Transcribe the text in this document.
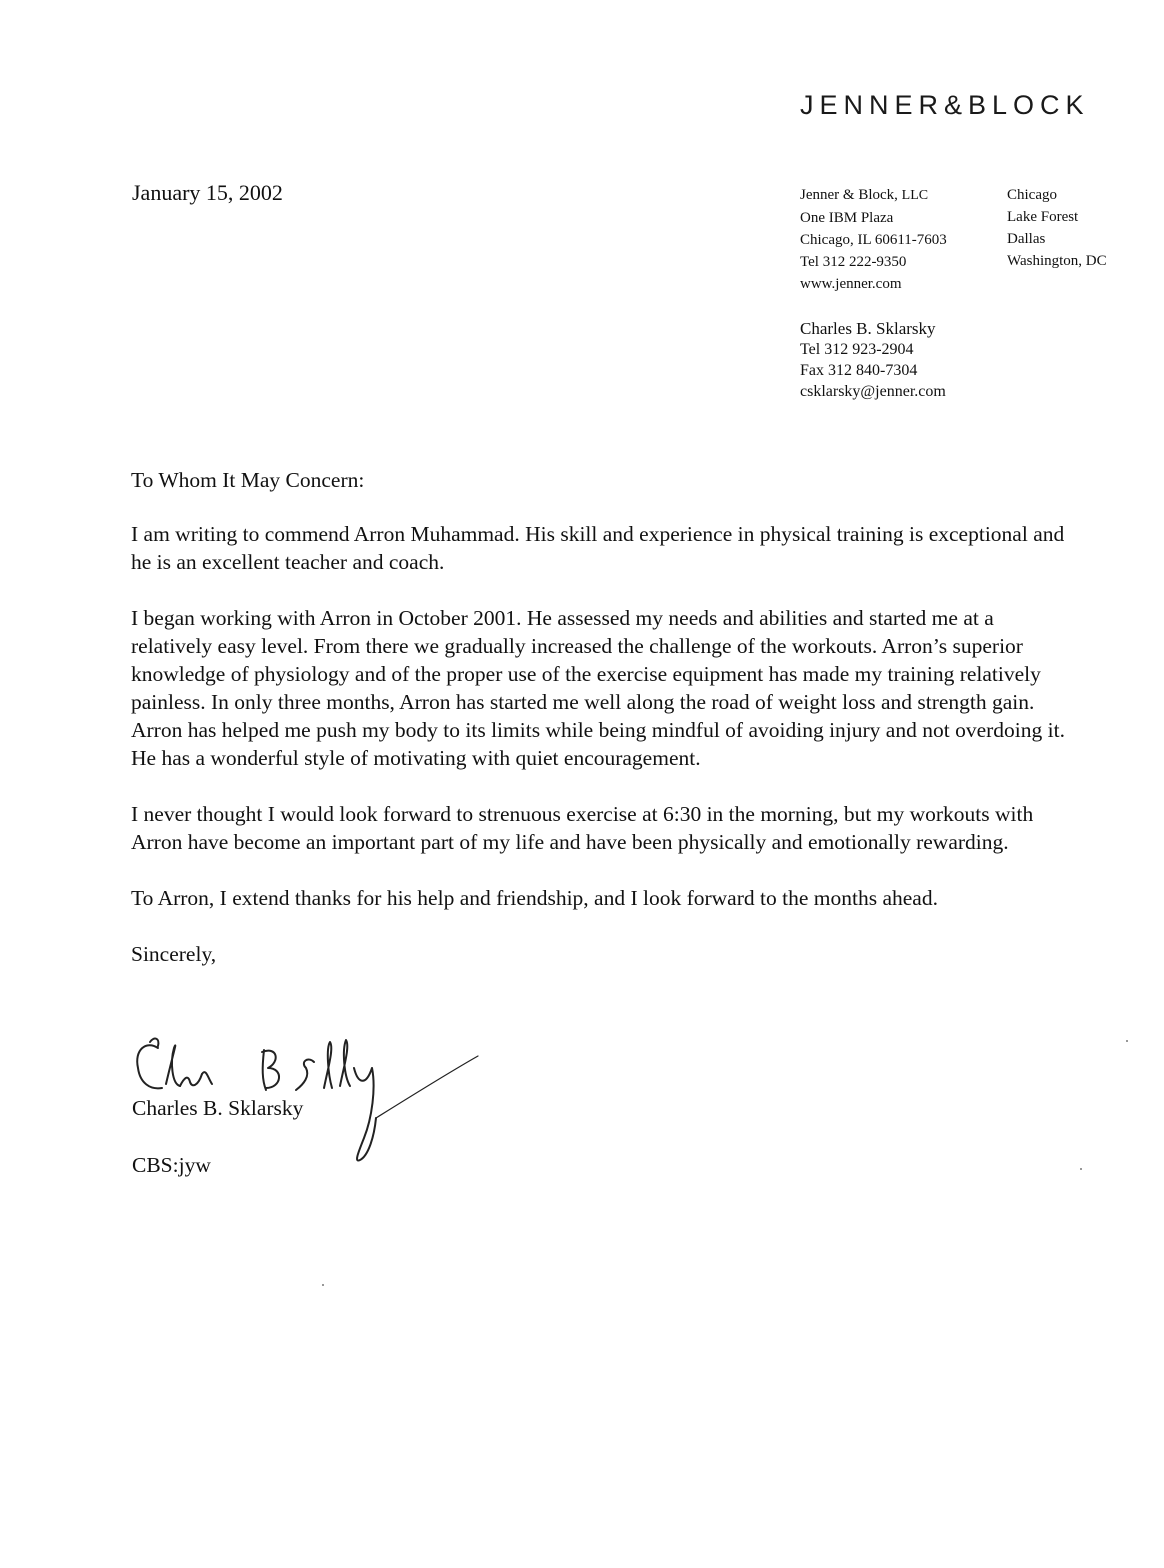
JENNER&BLOCK

January 15, 2002	Jenner & Block, LLC
One IBM Plaza
Chicago, IL 60611-7603
Tel 312 222-9350
www.jenner.com
Chicago
Lake Forest
Dallas
Washington, DC
Charles B. Sklarsky
Tel 312 923-2904
Fax 312 840-7304
csklarsky@jenner.com

To Whom It May Concern:

I am writing to commend Arron Muhammad. His skill and experience in physical training is exceptional and he is an excellent teacher and coach.

I began working with Arron in October 2001. He assessed my needs and abilities and started me at a relatively easy level. From there we gradually increased the challenge of the workouts. Arron’s superior knowledge of physiology and of the proper use of the exercise equipment has made my training relatively painless. In only three months, Arron has started me well along the road of weight loss and strength gain. Arron has helped me push my body to its limits while being mindful of avoiding injury and not overdoing it. He has a wonderful style of motivating with quiet encouragement.

I never thought I would look forward to strenuous exercise at 6:30 in the morning, but my workouts with Arron have become an important part of my life and have been physically and emotionally rewarding.

To Arron, I extend thanks for his help and friendship, and I look forward to the months ahead.

Sincerely,

Charles B. Sklarsky

CBS:jyw
